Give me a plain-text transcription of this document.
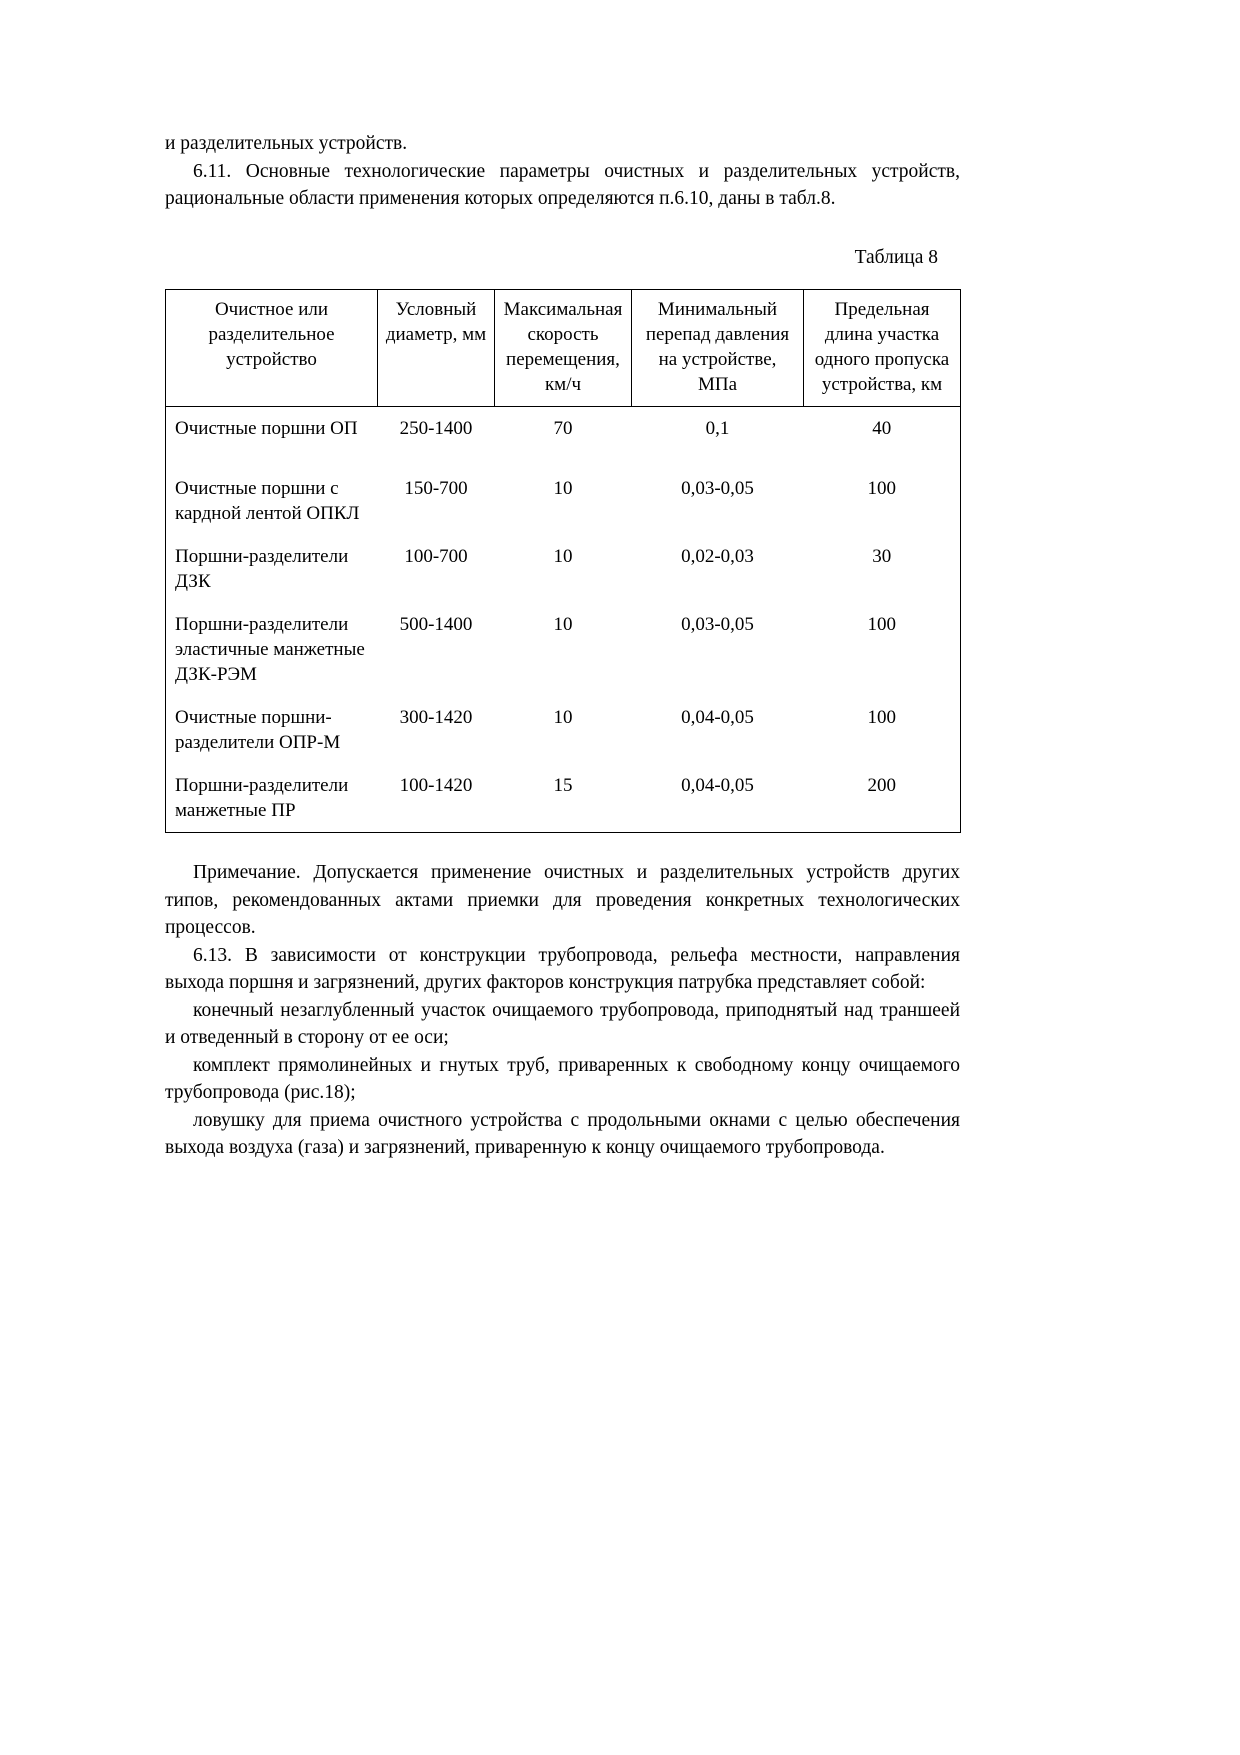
и разделительных устройств.

6.11. Основные технологические параметры очистных и разделительных устройств, рациональные области применения которых определяются п.6.10, даны в табл.8.

Таблица 8

Очистное или разделительное устройство	Условный диаметр, мм	Максимальная скорость перемещения, км/ч	Минимальный перепад давления на устройстве, МПа	Предельная длина участка одного пропуска устройства, км
Очистные поршни ОП	250-1400	70	0,1	40
Очистные поршни с кардной лентой ОПКЛ	150-700	10	0,03-0,05	100
Поршни-разделители ДЗК	100-700	10	0,02-0,03	30
Поршни-разделители эластичные манжетные ДЗК-РЭМ	500-1400	10	0,03-0,05	100
Очистные поршни-разделители ОПР-М	300-1420	10	0,04-0,05	100
Поршни-разделители манжетные ПР	100-1420	15	0,04-0,05	200

Примечание. Допускается применение очистных и разделительных устройств других типов, рекомендованных актами приемки для проведения конкретных технологических процессов.

6.13. В зависимости от конструкции трубопровода, рельефа местности, направления выхода поршня и загрязнений, других факторов конструкция патрубка представляет собой:

конечный незаглубленный участок очищаемого трубопровода, приподнятый над траншеей и отведенный в сторону от ее оси;

комплект прямолинейных и гнутых труб, приваренных к свободному концу очищаемого трубопровода (рис.18);

ловушку для приема очистного устройства с продольными окнами с целью обеспечения выхода воздуха (газа) и загрязнений, приваренную к концу очищаемого трубопровода.
